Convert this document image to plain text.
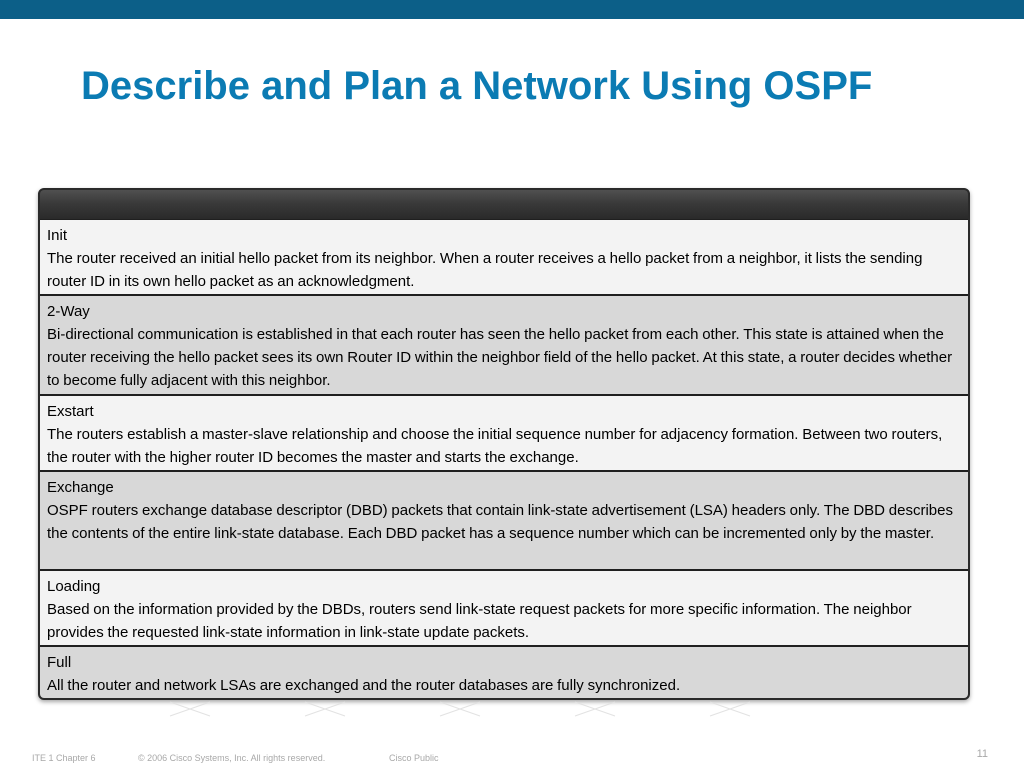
Describe and Plan a Network Using OSPF
Init
The router received an initial hello packet from its neighbor. When a router receives a hello packet from a neighbor, it lists the sending router ID in its own hello packet as an acknowledgment.
2-Way
Bi-directional communication is established in that each router has seen the hello packet from each other. This state is attained when the router receiving the hello packet sees its own Router ID within the neighbor field of the hello packet. At this state, a router decides whether to become fully adjacent with this neighbor.
Exstart
The routers establish a master-slave relationship and choose the initial sequence number for adjacency formation. Between two routers, the router with the higher router ID becomes the master and starts the exchange.
Exchange
OSPF routers exchange database descriptor (DBD) packets that contain link-state advertisement (LSA) headers only. The DBD describes the contents of the entire link-state database. Each DBD packet has a sequence number which can be incremented only by the master.
Loading
Based on the information provided by the DBDs, routers send link-state request packets for more specific information. The neighbor provides the requested link-state information in link-state update packets.
Full
All the router and network LSAs are exchanged and the router databases are fully synchronized.
ITE 1 Chapter 6	© 2006 Cisco Systems, Inc. All rights reserved.	Cisco Public	11
